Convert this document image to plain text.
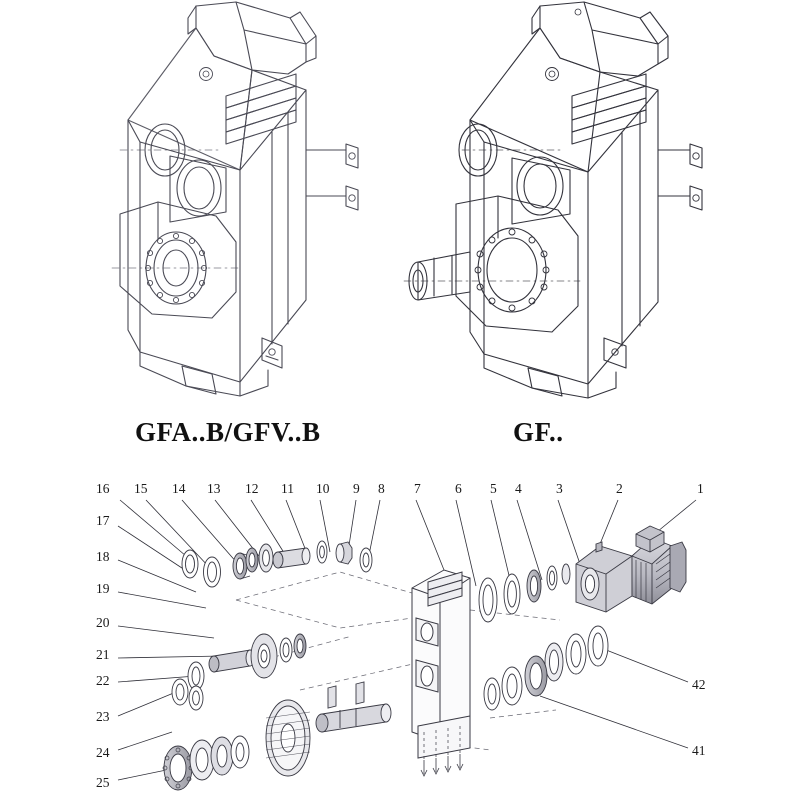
GFA..B/GFV..B	GF..
16 15 14 13 12 11 10 9 8 7	6 5 4	3	2	1
17
18
19
20
21
22
23
24
25
42
41
